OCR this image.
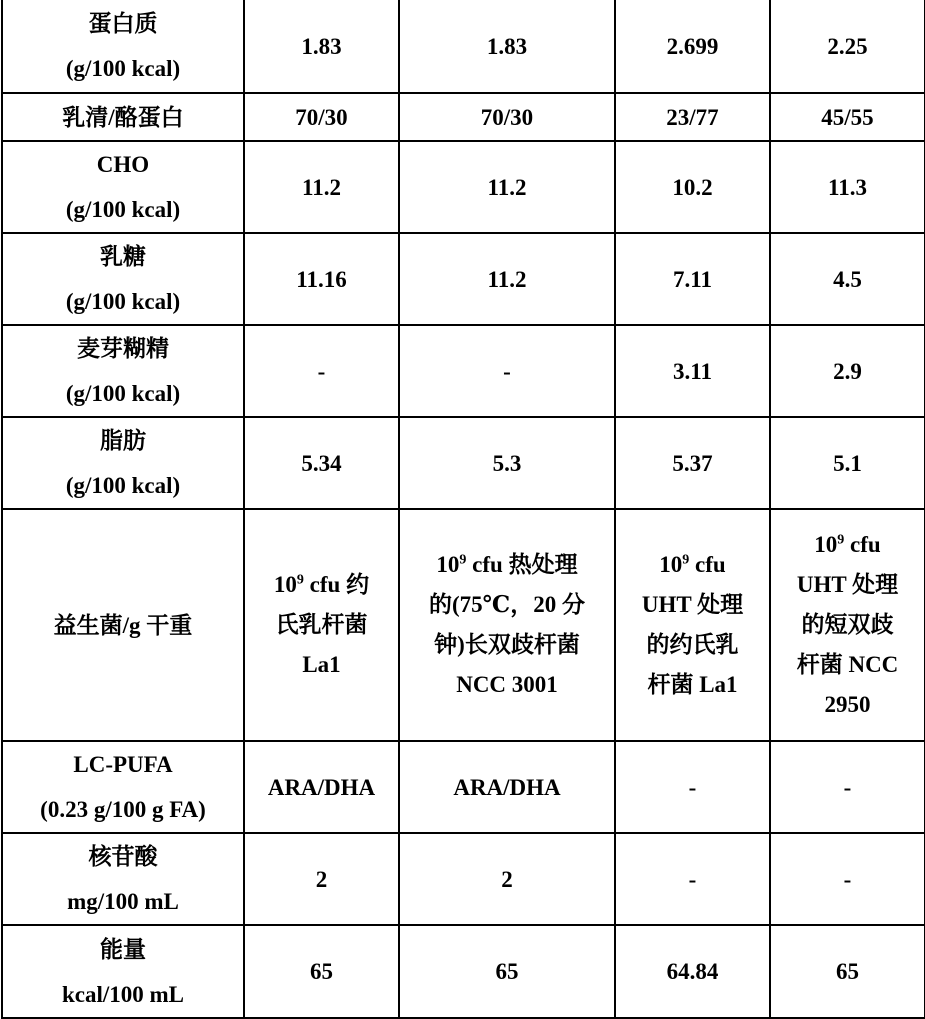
蛋白质
(g/100 kcal)	1.83	1.83	2.699	2.25
乳清/酪蛋白	70/30	70/30	23/77	45/55
CHO
(g/100 kcal)	11.2	11.2	10.2	11.3
乳糖
(g/100 kcal)	11.16	11.2	7.11	4.5
麦芽糊精
(g/100 kcal)	-	-	3.11	2.9
脂肪
(g/100 kcal)	5.34	5.3	5.37	5.1
益生菌/g 干重	109 cfu 约
氏乳杆菌
La1	109 cfu 热处理
的(75℃，20 分
钟)长双歧杆菌
NCC 3001	109 cfu
UHT 处理
的约氏乳
杆菌 La1	109 cfu
UHT 处理
的短双歧
杆菌 NCC
2950
LC-PUFA
(0.23 g/100 g FA)	ARA/DHA	ARA/DHA	-	-
核苷酸
mg/100 mL	2	2	-	-
能量
kcal/100 mL	65	65	64.84	65
